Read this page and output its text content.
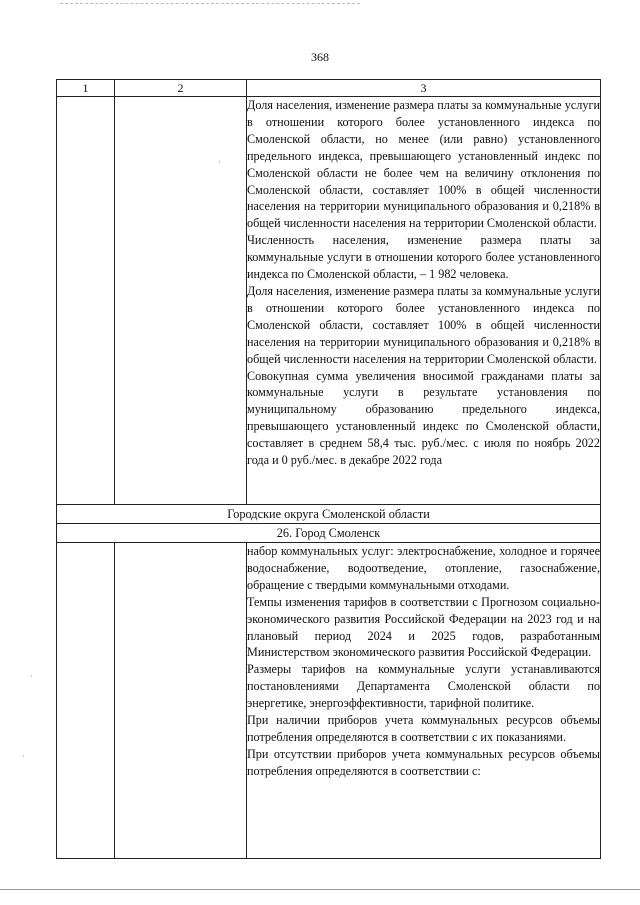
368
1	2	3

		Доля населения, изменение размера платы за коммунальные услуги в отношении которого более установленного индекса по Смоленской области, но менее (или равно) установленного предельного индекса, превышающего установленный индекс по Смоленской области не более чем на величину отклонения по Смоленской области, составляет 100% в общей численности населения на территории муниципального образования и 0,218% в общей численности населения на территории Смоленской области.

Численность населения, изменение размера платы за коммунальные услуги в отношении которого более установленного индекса по Смоленской области, – 1 982 человека.

Доля населения, изменение размера платы за коммунальные услуги в отношении которого более установленного индекса по Смоленской области, составляет 100% в общей численности населения на территории муниципального образования и 0,218% в общей численности населения на территории Смоленской области.

Совокупная сумма увеличения вносимой гражданами платы за коммунальные услуги в результате установления по муниципальному образованию предельного индекса, превышающего установленный индекс по Смоленской области, составляет в среднем 58,4 тыс. руб./мес. с июля по ноябрь 2022 года и 0 руб./мес. в декабре 2022 года

Городские округа Смоленской области		
26. Город Смоленск		

		набор коммунальных услуг: электроснабжение, холодное и горячее водоснабжение, водоотведение, отопление, газоснабжение, обращение с твердыми коммунальными отходами.

Темпы изменения тарифов в соответствии с Прогнозом социально-экономического развития Российской Федерации на 2023 год и на плановый период 2024 и 2025 годов, разработанным Министерством экономического развития Российской Федерации.

Размеры тарифов на коммунальные услуги устанавливаются постановлениями Департамента Смоленской области по энергетике, энергоэффективности, тарифной политике.

При наличии приборов учета коммунальных ресурсов объемы потребления определяются в соответствии с их показаниями.

При отсутствии приборов учета коммунальных ресурсов объемы потребления определяются в соответствии с:

·
·
·
